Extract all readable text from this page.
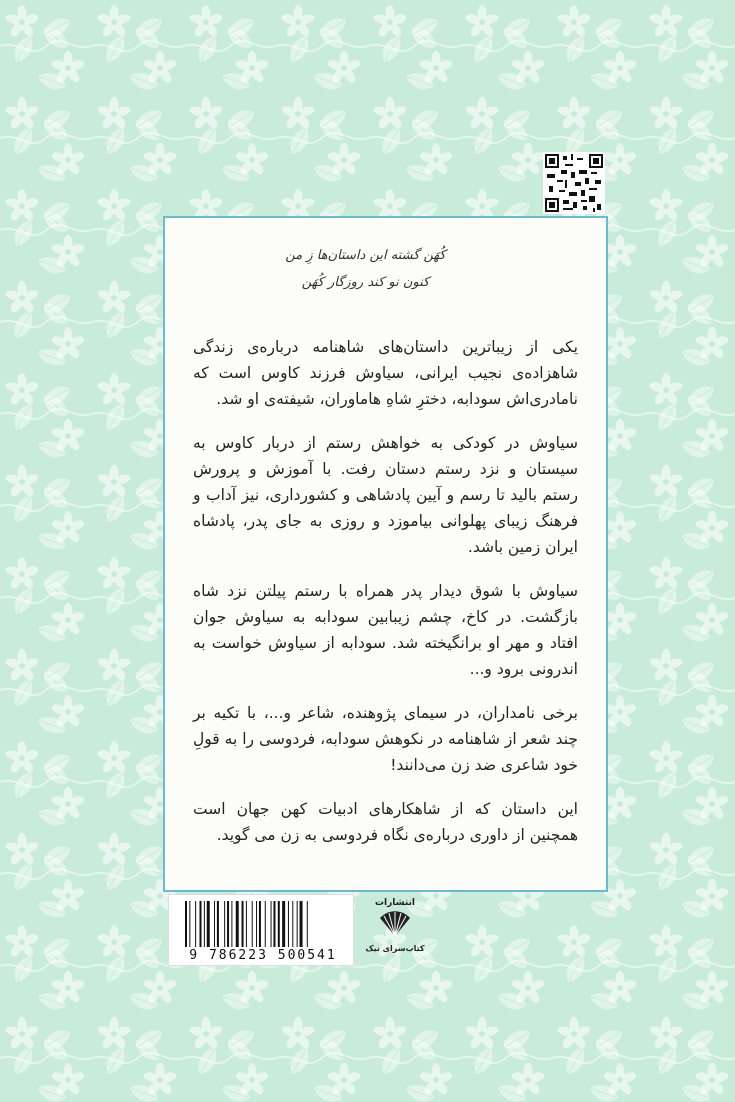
کُهَن گشته این داستان‌ها زِ من
کنون نو کند روزگار کُهَن

یکی از زیباترین داستان‌های شاهنامه درباره‌ی زندگی شاهزاده‌ی نجیب ایرانی، سیاوش فرزند کاوس است که نامادری‌اش سودابه، دخترِ شاهِ هاماوران، شیفته‌ی او شد.

سیاوش در کودکی به خواهش رستم از دربار کاوس به سیستان و نزد رستم دستان رفت. با آموزش و پرورش رستم بالید تا رسم و آیین پادشاهی و کشورداری، نیز آداب و فرهنگ زیبای پهلوانی بیاموزد و روزی به جای پدر، پادشاه ایران زمین باشد.

سیاوش با شوق دیدار پدر همراه با رستم پیلتن نزد شاه بازگشت. در کاخ، چشم زیبابین سودابه به سیاوش جوان افتاد و مهر او برانگیخته شد. سودابه از سیاوش خواست به اندرونی برود و...

برخی نامداران، در سیمای پژوهنده، شاعر و...، با تکیه بر چند شعر از شاهنامه در نکوهش سودابه، فردوسی را به قولِ خود شاعری ضد زن می‌دانند!

این داستان که از شاهکارهای ادبیات کهن جهان است همچنین از داوری درباره‌ی نگاه فردوسی به زن می گوید.

9 786223 500541
انتشارات
کتاب‌سرای نیک
